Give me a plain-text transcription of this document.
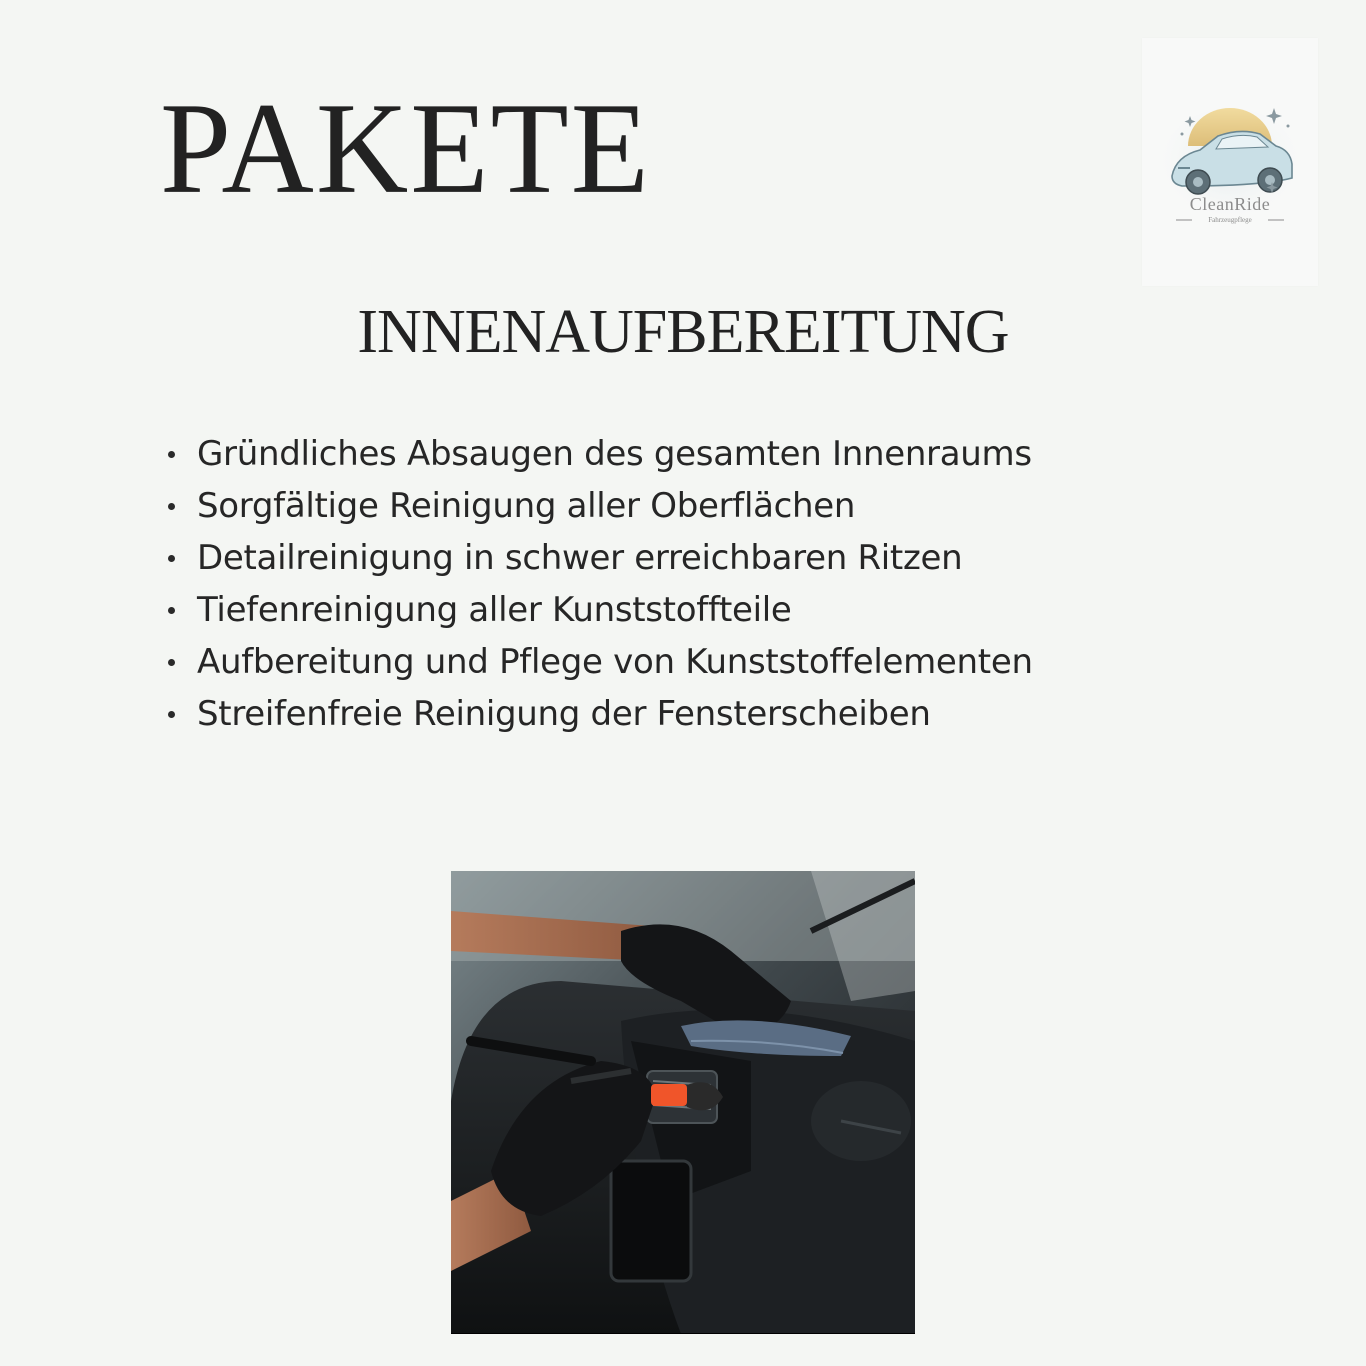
PAKETE	CleanRide
Fahrzeugpflege
INNENAUFBEREITUNG
Gründliches Absaugen des gesamten Innenraums
Sorgfältige Reinigung aller Oberflächen
Detailreinigung in schwer erreichbaren Ritzen
Tiefenreinigung aller Kunststoffteile
Aufbereitung und Pflege von Kunststoffelementen
Streifenfreie Reinigung der Fensterscheiben
